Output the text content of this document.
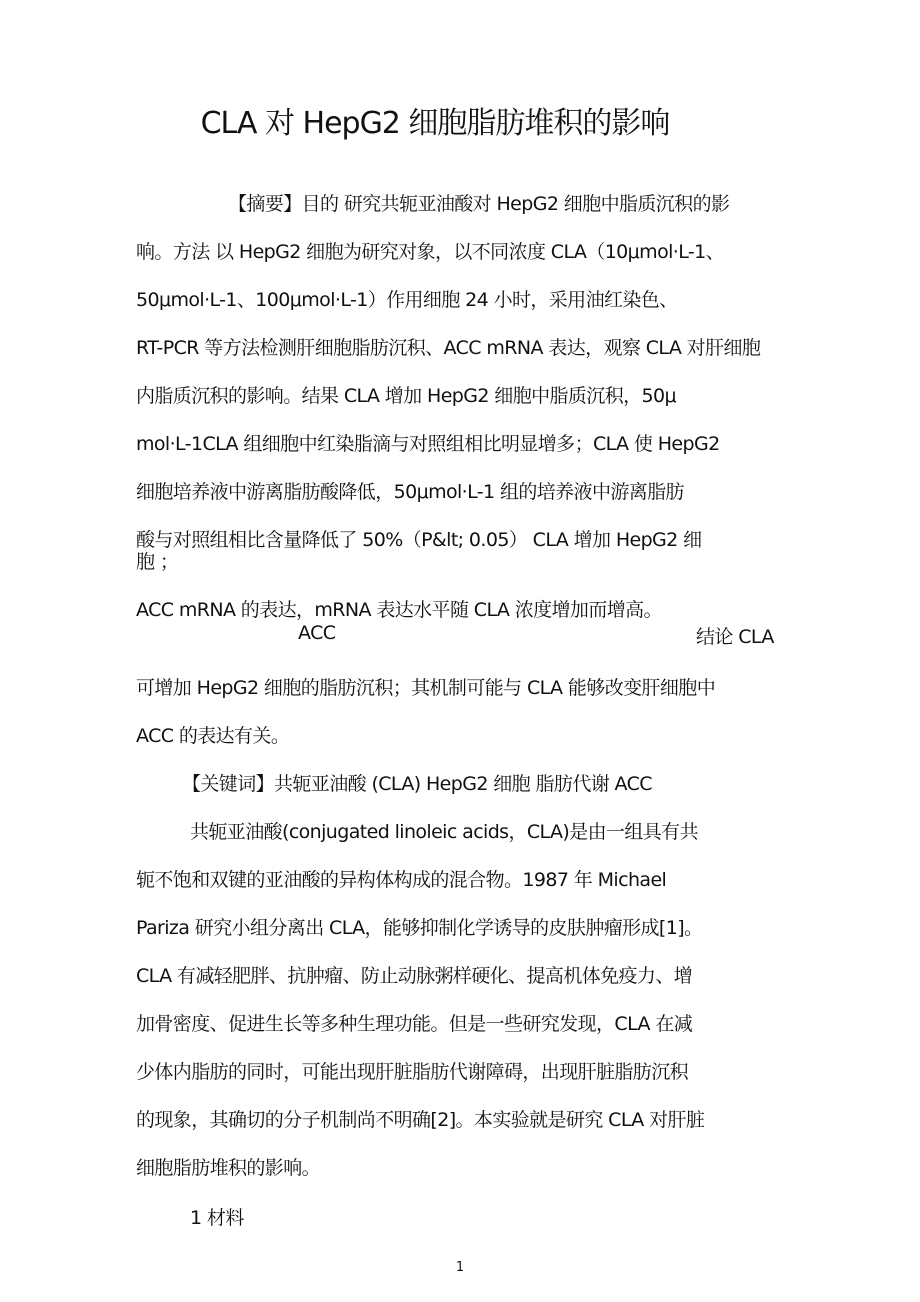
CLA 对 HepG2 细胞脂肪堆积的影响
【摘要】目的 研究共轭亚油酸对 HepG2 细胞中脂质沉积的影
响。方法 以 HepG2 细胞为研究对象，以不同浓度 CLA（10μmol·L-1、
50μmol·L-1、100μmol·L-1）作用细胞 24 小时，采用油红染色、
RT-PCR 等方法检测肝细胞脂肪沉积、ACC mRNA 表达，观察 CLA 对肝细胞
内脂质沉积的影响。结果 CLA 增加 HepG2 细胞中脂质沉积，50μ
mol·L-1CLA 组细胞中红染脂滴与对照组相比明显增多；CLA 使 HepG2
细胞培养液中游离脂肪酸降低，50μmol·L-1 组的培养液中游离脂肪
酸与对照组相比含量降低了 50%（P&lt; 0.05） CLA 增加 HepG2 细
胞 ；
ACC mRNA 的表达，mRNA 表达水平随 CLA 浓度增加而增高。
ACC	结论 CLA
可增加 HepG2 细胞的脂肪沉积；其机制可能与 CLA 能够改变肝细胞中
ACC 的表达有关。
【关键词】共轭亚油酸 (CLA) HepG2 细胞 脂肪代谢 ACC
共轭亚油酸(conjugated linoleic acids，CLA)是由一组具有共
轭不饱和双键的亚油酸的异构体构成的混合物。1987 年 Michael
Pariza 研究小组分离出 CLA，能够抑制化学诱导的皮肤肿瘤形成[1]。
CLA 有减轻肥胖、抗肿瘤、防止动脉粥样硬化、提高机体免疫力、增
加骨密度、促进生长等多种生理功能。但是一些研究发现，CLA 在减
少体内脂肪的同时，可能出现肝脏脂肪代谢障碍，出现肝脏脂肪沉积
的现象，其确切的分子机制尚不明确[2]。本实验就是研究 CLA 对肝脏
细胞脂肪堆积的影响。
1 材料
1
